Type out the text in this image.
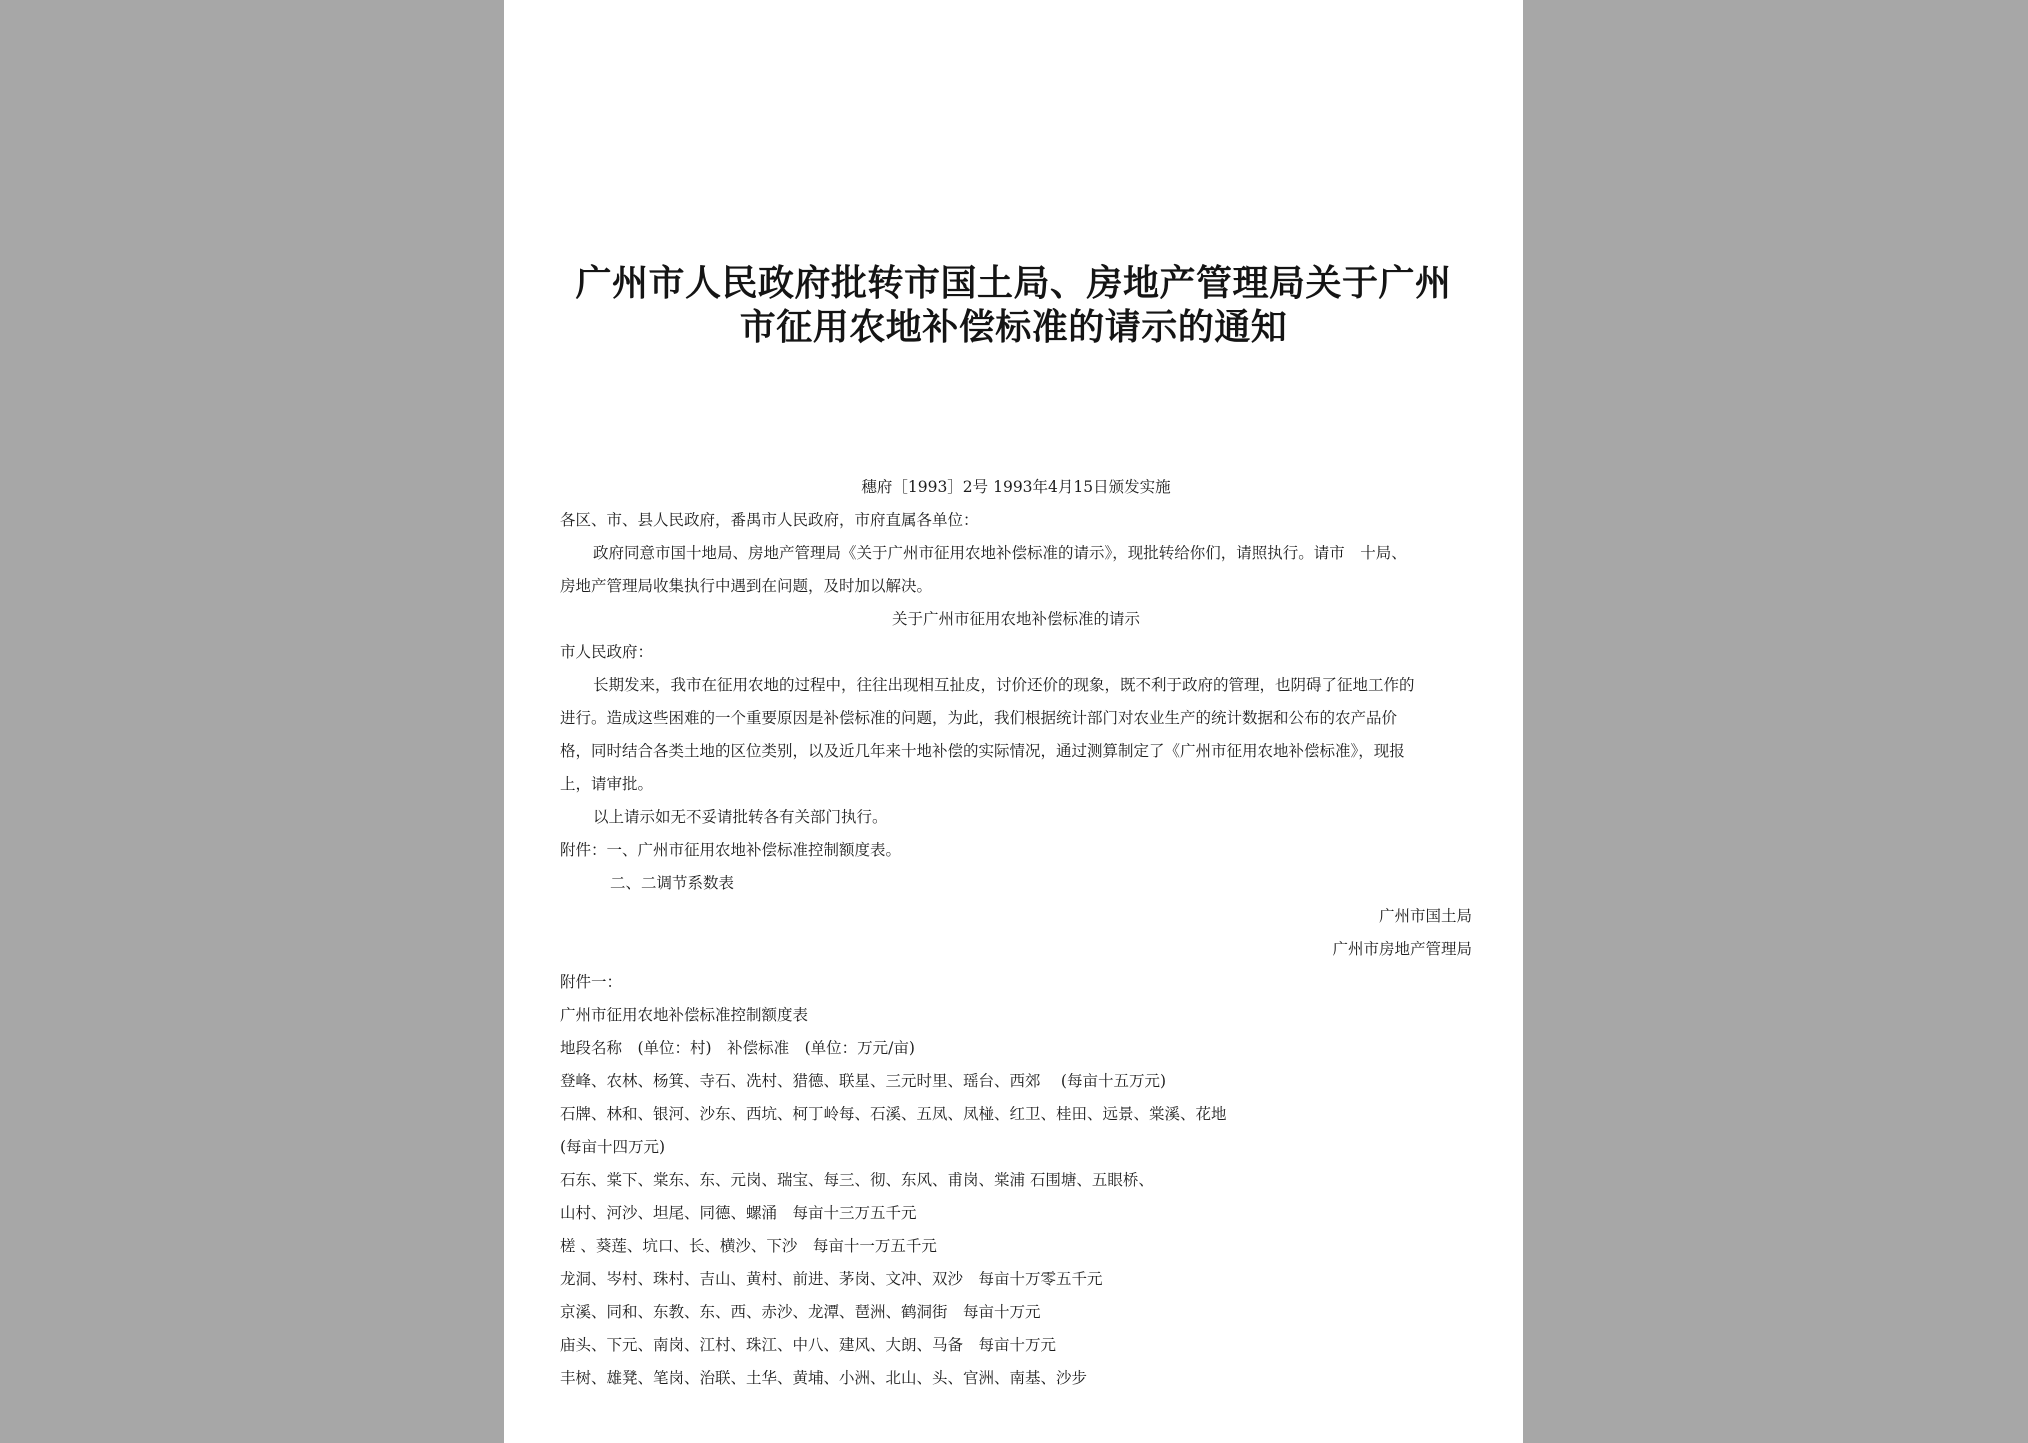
广州市人民政府批转市国土局、房地产管理局关于广州
市征用农地补偿标准的请示的通知
穗府［1993］2号 1993年4月15日颁发实施
各区、市、县人民政府，番禺市人民政府，市府直属各单位：
政府同意市国十地局、房地产管理局《关于广州市征用农地补偿标准的请示》，现批转给你们，请照执行。请市　十局、
房地产管理局收集执行中遇到在问题，及时加以解决。
关于广州市征用农地补偿标准的请示
市人民政府：
长期发来，我市在征用农地的过程中，往往出现相互扯皮，讨价还价的现象，既不利于政府的管理，也阴碍了征地工作的
进行。造成这些困难的一个重要原因是补偿标准的问题，为此，我们根据统计部门对农业生产的统计数据和公布的农产品价
格，同时结合各类土地的区位类别，以及近几年来十地补偿的实际情况，通过测算制定了《广州市征用农地补偿标准》，现报
上，请审批。
以上请示如无不妥请批转各有关部门执行。
附件：一、广州市征用农地补偿标准控制额度表。
二、二调节系数表
广州市国土局
广州市房地产管理局
附件一：
广州市征用农地补偿标准控制额度表
地段名称　(单位：村)　补偿标准　(单位：万元/亩)
登峰、农林、杨箕、寺石、冼村、猎德、联星、三元时里、瑶台、西郊　 (每亩十五万元)
石牌、林和、银河、沙东、西坑、柯丁岭每、石溪、五凤、凤椪、红卫、桂田、远景、棠溪、花地
(每亩十四万元)
石东、棠下、棠东、东、元岗、瑞宝、每三、彻、东风、甫岗、棠浦 石围塘、五眼桥、
山村、河沙、坦尾、同德、螺涌　每亩十三万五千元
槎 、葵莲、坑口、长、横沙、下沙　每亩十一万五千元
龙洞、岑村、珠村、吉山、黄村、前进、茅岗、文冲、双沙　每亩十万零五千元
京溪、同和、东教、东、西、赤沙、龙潭、琶洲、鹤洞街　每亩十万元
庙头、下元、南岗、江村、珠江、中八、建风、大朗、马备　每亩十万元
丰树、雄凳、笔岗、治联、土华、黄埔、小洲、北山、头、官洲、南基、沙步
